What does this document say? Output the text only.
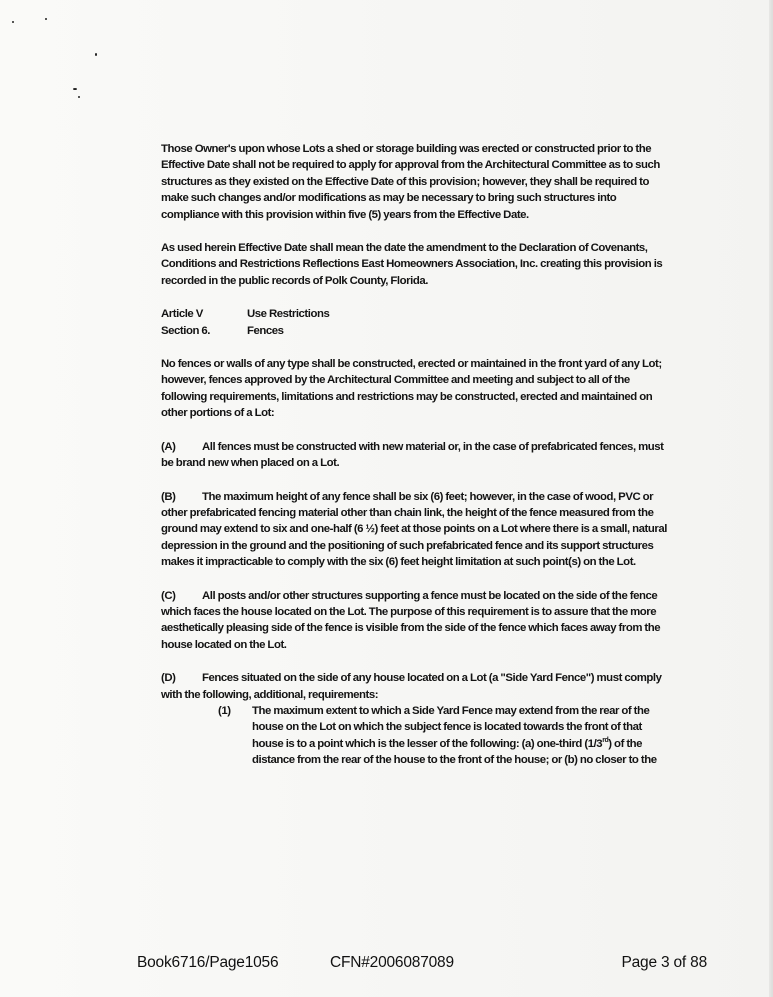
Those Owner's upon whose Lots a shed or storage building was erected or constructed prior to the Effective Date shall not be required to apply for approval from the Architectural Committee as to such structures as they existed on the Effective Date of this provision; however, they shall be required to make such changes and/or modifications as may be necessary to bring such structures into compliance with this provision within five (5) years from the Effective Date.

As used herein Effective Date shall mean the date the amendment to the Declaration of Covenants, Conditions and Restrictions Reflections East Homeowners Association, Inc. creating this provision is recorded in the public records of Polk County, Florida.

Article V	Use Restrictions
Section 6.	Fences

No fences or walls of any type shall be constructed, erected or maintained in the front yard of any Lot; however, fences approved by the Architectural Committee and meeting and subject to all of the following requirements, limitations and restrictions may be constructed, erected and maintained on other portions of a Lot:

(A) All fences must be constructed with new material or, in the case of prefabricated fences, must be brand new when placed on a Lot.

(B) The maximum height of any fence shall be six (6) feet; however, in the case of wood, PVC or other prefabricated fencing material other than chain link, the height of the fence measured from the ground may extend to six and one-half (6 ½) feet at those points on a Lot where there is a small, natural depression in the ground and the positioning of such prefabricated fence and its support structures makes it impracticable to comply with the six (6) feet height limitation at such point(s) on the Lot.

(C) All posts and/or other structures supporting a fence must be located on the side of the fence which faces the house located on the Lot. The purpose of this requirement is to assure that the more aesthetically pleasing side of the fence is visible from the side of the fence which faces away from the house located on the Lot.

(D) Fences situated on the side of any house located on a Lot (a "Side Yard Fence") must comply with the following, additional, requirements:

(1)	The maximum extent to which a Side Yard Fence may extend from the rear of the house on the Lot on which the subject fence is located towards the front of that house is to a point which is the lesser of the following: (a) one-third (1/3rd) of the distance from the rear of the house to the front of the house; or (b) no closer to the
Book6716/Page1056	CFN#2006087089	Page 3 of 88
